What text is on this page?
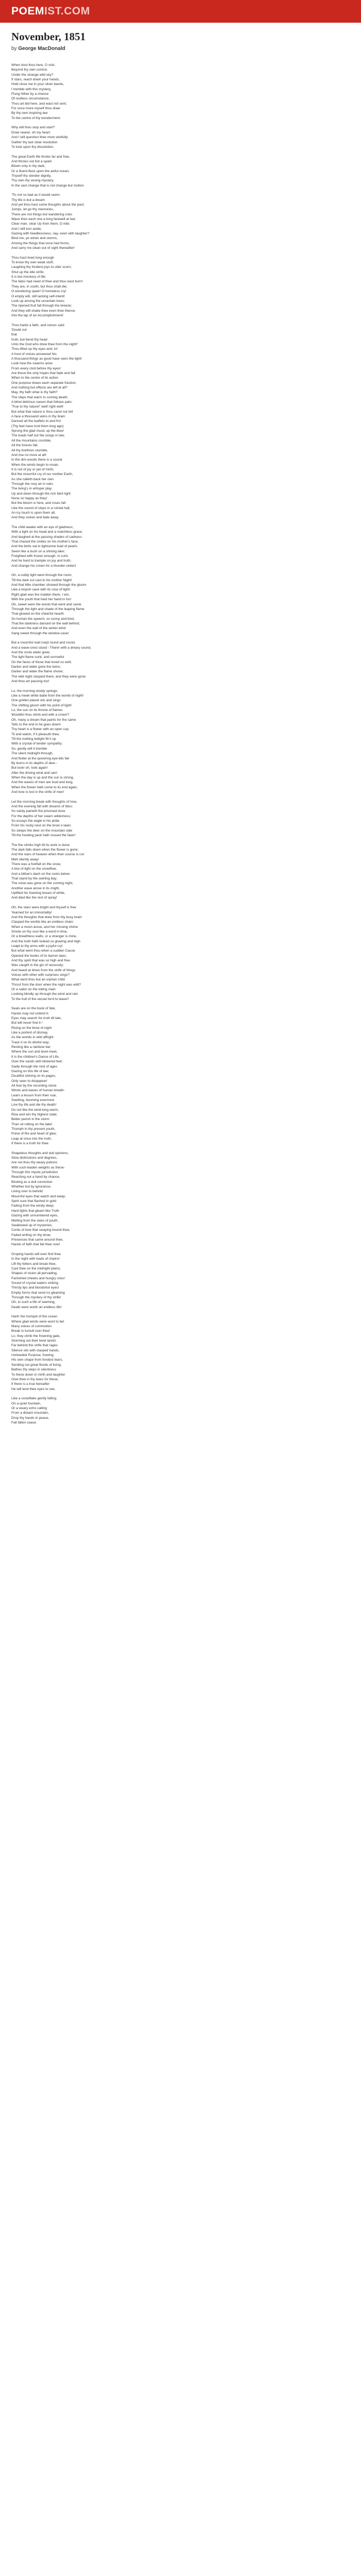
POEMIST.COM
November, 1851
by George MacDonald
When dost thou here, O visit,
Beyond thy own control,
Under the strange wild sky?
If stars, reach down your hands,
Hold close me in your silver bands,
I tremble with this mystery,
Flung hither by a chance
Of restless circumstance,
Thou art bid here, and wast not sent;
For once more myself thou draw
By thy own inspiring law
To the centre of thy wonderment.
Why will thou stop and start?
Draw nearer, oh my heart;
And I will question thee more wistfully
Gather thy last clear resolution
To look upon thy dissolution.
The great Earth life throbs far and free,
And throws out but a spark
Blown only in thy dark,
Or a fluent-fleck upon the awful ocean,
Thyself thy slender dignity,
Thy own thy vexing mystery,
In the vast change that is not change but motion.
'Tis not so bad as it would seem;
Thy life is but a dream
And yet thou hast some thoughts about the past;
Jumps, let go thy memories,
There are not things but wandering cries
Wave then each one a long farewell at last
Clear man, clear Up from them, O ride;
And I will turn aside,
Gazing with heedlessness, nay, even with laughter?
Bind me, ye winds and storms,
Among the things that once had forms,
And carry me clean out of sight thereafter!
Thou hast lived long enough
To know thy own weak stuff,
Laughing thy fondest joys to utter scorn;
Shut up the idle strife;
It is but mockery of life;
The fates had need of thee and thou wast born!
They are, in sooth, but thou shalt die;
O wondering spark! O homeless cry!
O empty will, still lacking self-intent!
Look up among the uncertain trees;
The ripened fruit fall through the breeze;
And they will shake thee even thee thence
Into the lap of an Accomplishment!
Thou hadst a faith, and voices said:
'Doubt not
that
truth, but bend thy head
Unto the God who drew thee from the night!'
Thou lifted up thy eyes and, lo!
A host of voices answered No;
A thousand things as good have seen the light!
Look how the swarms arise
From every clod before thy eyes!
Are these the only hopes that fade and fall
When to the centre of its action
One purpose draws each separate fraction,
And nothing but effects are left at all?
May, thy faith what is thy faith?
The steps that warm in coming death;
A blind delirious swoon that follows pain;
'True to thy nature!' well! right well!
But what that nature is thou canst not tell
A face a thousand veins in thy brain
Danced all the leaflets to and fro!
(Thy feet have trod them long ago)
Sprung the glad music up the blue!
The toads half out the songs in law;
All the mountains crumble,
All the forests fall,
All thy brethren stumble,
And rise no more at all!
In the dim woods there is a sound
When the winds begin to moan,
It is not of joy or yet of mirth,
But the mournful cry of our mother Earth,
As she calleth back her own
Through the rosy air in vain;
The living's in whisper play
Up and down through the rich faint light
None so happy as they!
But the bloom is here, and roses fall
Like the sound of steps in a ruined hall,
An icy touch is upon them all,
And they sicken and fade away.
The child awake with an eye of gladness;
With a light on his head and a matchless grace,
And laughed at the passing shades of sadness
That chased the smiles on his mother's face;
And the birds sat in lightsome load of pearls
Seem like a bush on a shining lake;
Freighted with frozen enough, in curls
And he hard to trample on joy and truth,
And change his crown for a thunder-stolen!
Oh, a ruddy light went through the room,
Till the dark cut cast to his mother Night!
And that little chamber showed through the gloom
Like a boyish cave with its rose of light!
Right glad was the maiden there, I wis,
With the youth that held her hand in his!
Oh, sweet were the words that went and came
Through the light and shade of the leaping flame
That glowed on the cheerful hearth
So human the speech, so sunny and kind,
That the darkness danced on the wall behind,
And even the wail of the winter wind
Sang sweet through the window-case!
But a mournful wail crept round and round,
And a wave-crest stood - There! with a dreary sound,
And the circle wider grew;
The light flame sunk, and sorrowful
On the faces of those that loved so well;
Darker and wider grew the twins;
Darker and wider the flame shone;
The wild night clasped there, and they were gone:
And thou art passing too!
Lo, the morning slowly springs:
Like a meek white babe from the womb of night!
One golden planet sits and sings
The shifting gloom with his point of light!
Lo, the sun on its throne of flames
Wooldlst thou climb and with a crown?
Oh, many a dream that paints for the same
Tells to the end in he goes down!
Thy heart is a flower with an open cup
Til and watch, if it pleasuth thee,
Till the melting twilight fill it up
With a crystal of tender sympathy;
So, gently will it tremble
The silent midnight through,
And flutter at the quivering eye-lids fair
By burns in its depths of dew--
But look! oh, look again!
After the driving wind and rain!
When the day is up and the sun is strong,
And the waves of men are loud and long,
When the flower hath come to its end again,
And love is lost in the strife of men!
Let the morning break with thoughts of love,
And the evening fall with dreams of bliss:
So vainly paineth the prisoned dove
For the depths of her swarn wilderness;
So essays the eagle in his pride
From his rocky nest on the brow o lawn;
So sleeps the deer on the mountain side
Till the howling pack hath roused the fawn!
The fire climbs high till its work is done;
The dark falls down when the flower is gone;
And the stars of heaven when their course is run
Melt silently away!
There was a footfall on the snow,
A line of light on the snowflow,
And a billow's dash on the rocks below
That stand by the swirling bay;
The snow was gone on the coming night,
Another wave arose in its might,
Uplifted his foaming breast of white,
And died like the rest of spray!
Oh, the stars were bright and thyself is free
Yearned for an immortality!
And the thoughts that drew from thy busy brain
Clasped the worlds like an endless chain:
When a moon arose, and her missing chime
Smote on thy soul like a word in time,
Or a breathless walls, or a stranger is mine,
And the truth hath looked so glowing and high
Leapt to thy arms with a joyful cry!
But what went thou when a sudden Cause
Opened the books of its barren laws;
And thy spirit that was so high and free
Was caught in the gin of necessity;
And heard at times from the strife of things
Voices with other with surprises sings?
What went thou but an orphan child
Thrust from the door when the night was wild?
Or a sailor on the toiling main
Looking blindly up through the wind and rain
To the hull of the vessel he'd to leave?
Seals are on the book of fate,
Hands may not unbind it;
Eyes may search for truth till late,
But will never find it !
Rising on the brow of night
Like a portent of dismay,
As the worlds in wild affright
Track it on its direful way;
Resting like a rainbow bar
Where the sun and level meet,
It is the children's Dance of Life,
Over the sands with blistered feet;
Sadly through the mist of ages
Gazing on this life of law;
Doubtful shining on its pages,
Only seen to disappear!
All fear by the recording stone
Winds and waves of human breath-
Learn a lesson from their roar,
Swelling, booming evermore
Low thy life and die thy death!
Do not like the wind-long warm,
Rise and win thy highest state;
Better perish in the storm
Than sit rotting on the lake!
Triumph in thy present youth,
Pulse of fire and heart of glee;
Leap at once into the truth,
If there is a truth for thee.
Shapeless thoughts and dull opinions,
Slow distinctions and degrees,
Are not thou thy weary potions
With such leaden weights as these-
Through this mystic jurisdiction
Reaching out a hand by chance,
Binding as a dull conviction
Whether but by ignorance,
Living over to behold
Mournful eyes that watch and weep;
Spirit sure that flashed in gold
Fading from the windy deep;
Hard lights that gleam like Truth
Gazing with unnumbered eyes,
Melting from the skies of youth,
Swallowed up of mysteries;
Cords of love that swaying bound thee,
Faded writing on thy brow,
Presences that came around thee,
Hands of faith that fail thee now!
Groping hands will ever find thee
In the night with loads of chains!
Lift thy fetters and break thee,
Cast thee on the midnight plains;
Shapes of vision all pervading,
Famished cheeks and hungry cries!
Sound of crystal waters sinking
Thirsty lips and bloodshot eyes!
Empty forms that send no gleaming
Through the mystery of thy strife!
Oh, to such a life of seeming,
Death were worth an endless life!
Hark! the trumpet of the ocean
Where glad winds were wont to be!
Many voices of commotion
Break in tumult over thee!
Lo, they climb the frowning gate,
Storming out their level lands!
Far behind the strife that rages
Silence sits with clasped hands,
Unheeded Purpose, frowing
His own shape from fondest tears,
Sending out great floods of living,
Bathes thy steps in silentness
To these down in mirth and laughter
Give thee in thy tears for these;
If there is a true hereafter
He will lend thee eyes to see.
Like a snowflake gently falling
On a quiet fountain,
Or a weary echo calling
From a distant mountain,
Drop thy hands in peace,
Fall fallen cease.
